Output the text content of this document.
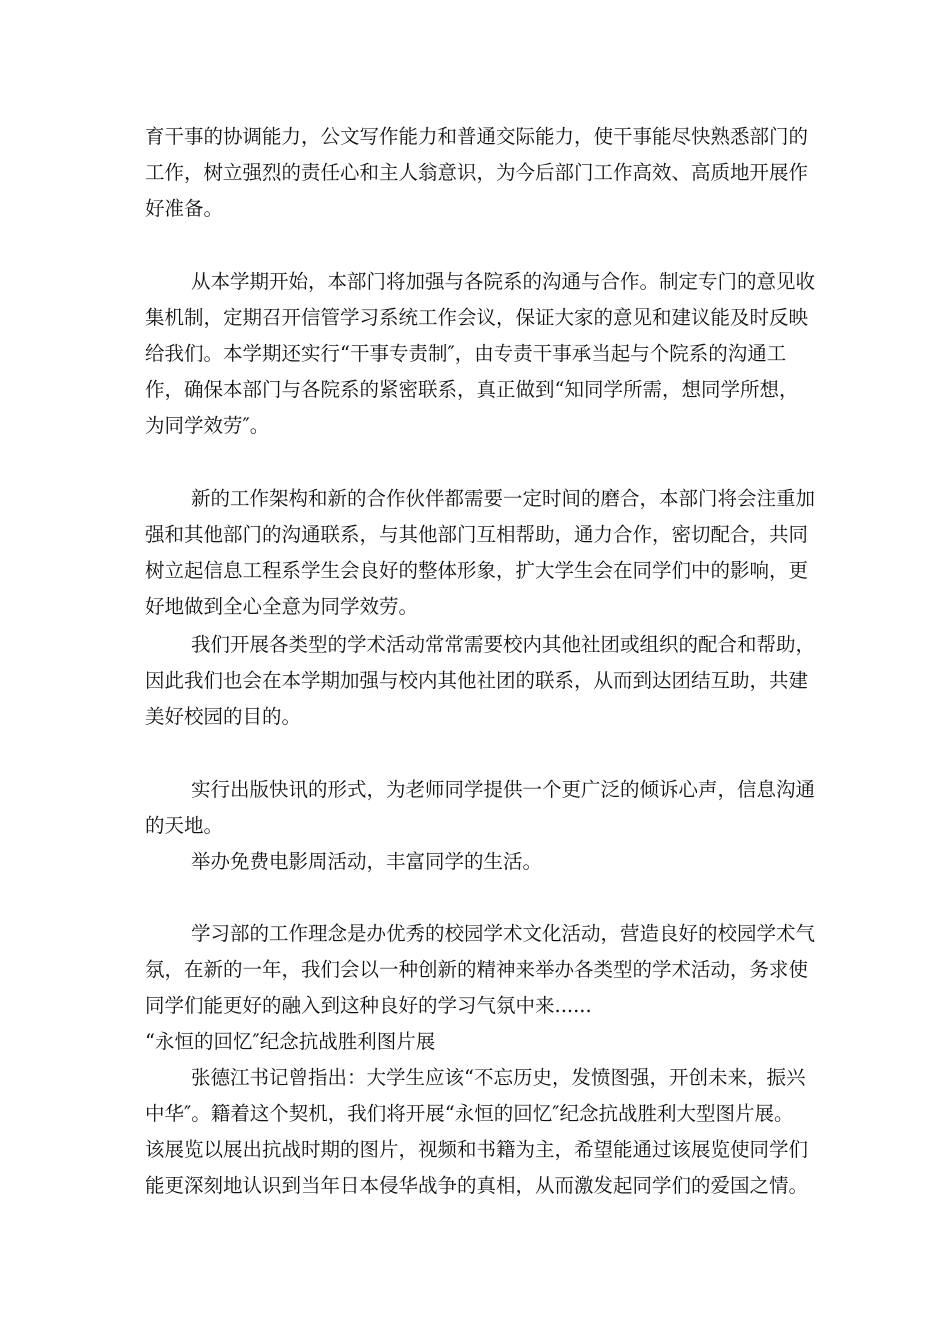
育干事的协调能力，公文写作能力和普通交际能力，使干事能尽快熟悉部门的
工作，树立强烈的责任心和主人翁意识，为今后部门工作高效、高质地开展作
好准备。
从本学期开始，本部门将加强与各院系的沟通与合作。制定专门的意见收
集机制，定期召开信管学习系统工作会议，保证大家的意见和建议能及时反映
给我们。本学期还实行“干事专责制″，由专责干事承当起与个院系的沟通工
作，确保本部门与各院系的紧密联系，真正做到“知同学所需，想同学所想，
为同学效劳″。
新的工作架构和新的合作伙伴都需要一定时间的磨合，本部门将会注重加
强和其他部门的沟通联系，与其他部门互相帮助，通力合作，密切配合，共同
树立起信息工程系学生会良好的整体形象，扩大学生会在同学们中的影响，更
好地做到全心全意为同学效劳。
我们开展各类型的学术活动常常需要校内其他社团或组织的配合和帮助，
因此我们也会在本学期加强与校内其他社团的联系，从而到达团结互助，共建
美好校园的目的。
实行出版快讯的形式，为老师同学提供一个更广泛的倾诉心声，信息沟通
的天地。
举办免费电影周活动，丰富同学的生活。
学习部的工作理念是办优秀的校园学术文化活动，营造良好的校园学术气
氛，在新的一年，我们会以一种创新的精神来举办各类型的学术活动，务求使
同学们能更好的融入到这种良好的学习气氛中来......
“永恒的回忆″纪念抗战胜利图片展
张德江书记曾指出：大学生应该“不忘历史，发愤图强，开创未来，振兴
中华″。籍着这个契机，我们将开展“永恒的回忆″纪念抗战胜利大型图片展。
该展览以展出抗战时期的图片，视频和书籍为主，希望能通过该展览使同学们
能更深刻地认识到当年日本侵华战争的真相，从而激发起同学们的爱国之情。
